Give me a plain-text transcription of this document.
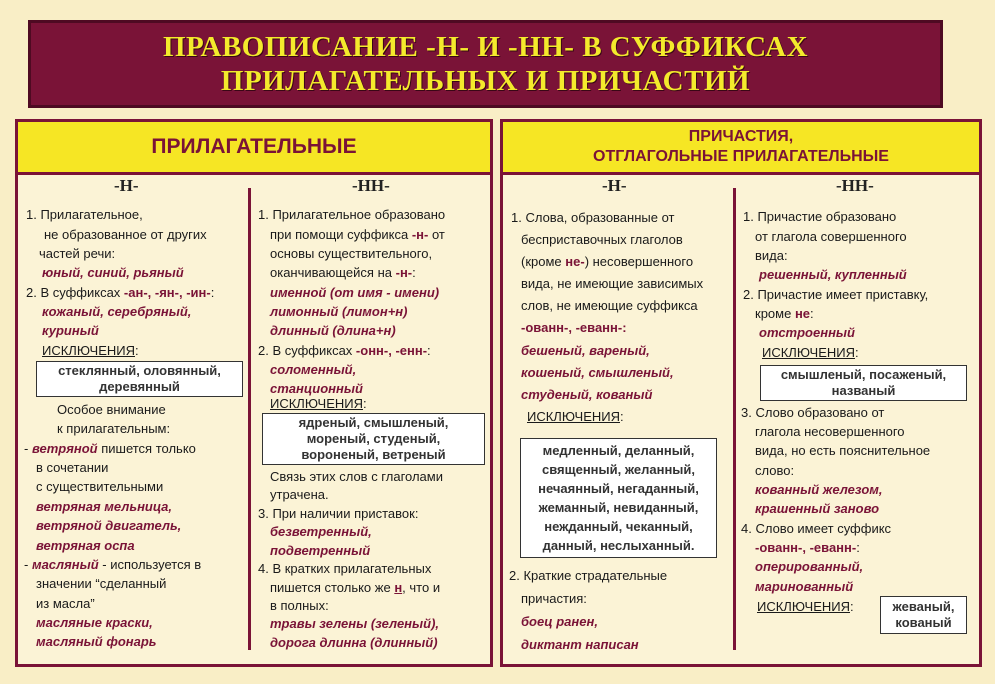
ПРАВОПИСАНИЕ -Н- И -НН- В СУФФИКСАХ
ПРИЛАГАТЕЛЬНЫХ И ПРИЧАСТИЙ
ПРИЛАГАТЕЛЬНЫЕ
-Н-	-НН-
1. Прилагательное,
не образованное от других
частей речи:
юный, синий, рьяный
2. В суффиксах -ан-, -ян-, -ин-:
кожаный, серебряный,
куриный
ИСКЛЮЧЕНИЯ:
стеклянный, оловянный,
деревянный
Особое внимание
к прилагательным:
- ветряной пишется только
в сочетании
с существительными
ветряная мельница,
ветряной двигатель,
ветряная оспа
- масляный - используется в
значении “сделанный
из масла”
масляные краски,
масляный фонарь
1. Прилагательное образовано
при помощи суффикса -н- от
основы существительного,
оканчивающейся на -н-:
именной (от имя - имени)
лимонный (лимон+н)
длинный (длина+н)
2. В суффиксах -онн-, -енн-:
соломенный,
станционный
ИСКЛЮЧЕНИЯ:
ядреный, смышленый,
мореный, студеный,
вороненый, ветреный
Связь этих слов с глаголами
утрачена.
3. При наличии приставок:
безветренный,
подветренный
4. В кратких прилагательных
пишется столько же н, что и
в полных:
травы зелены (зеленый),
дорога длинна (длинный)
ПРИЧАСТИЯ,
ОТГЛАГОЛЬНЫЕ ПРИЛАГАТЕЛЬНЫЕ
-Н-	-НН-
1. Слова, образованные от
бесприставочных глаголов
(кроме не-) несовершенного
вида, не имеющие зависимых
слов, не имеющие суффикса
-ованн-, -еванн-:
бешеный, вареный,
кошеный, смышленый,
студеный, кованый
ИСКЛЮЧЕНИЯ:
медленный, деланный,
священный, желанный,
нечаянный, негаданный,
жеманный, невиданный,
нежданный, чеканный,
данный, неслыханный.
2. Краткие страдательные
причастия:
боец ранен,
диктант написан
1. Причастие образовано
от глагола совершенного
вида:
решенный, купленный
2. Причастие имеет приставку,
кроме не:
отстроенный
ИСКЛЮЧЕНИЯ:
смышленый, посаженый,
названый
3. Слово образовано от
глагола несовершенного
вида, но есть пояснительное
слово:
кованный железом,
крашенный заново
4. Слово имеет суффикс
-ованн-, -еванн-:
оперированный,
маринованный
ИСКЛЮЧЕНИЯ:	жеваный,
кованый
